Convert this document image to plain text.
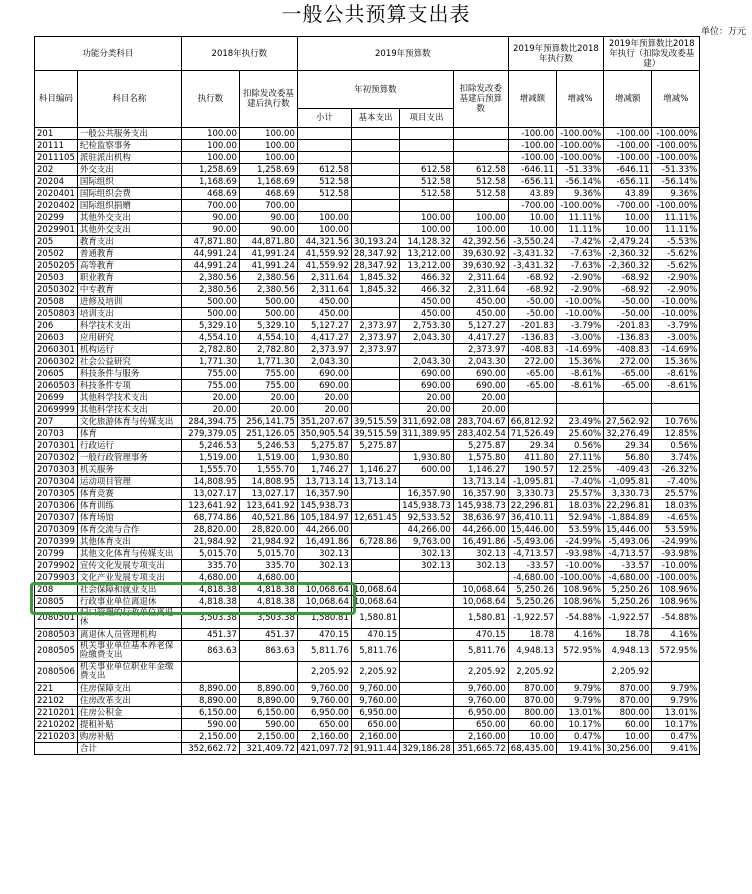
一般公共预算支出表
单位：万元
功能分类科目		2018年执行数		2019年预算数				2019年预算数比2018年执行数		2019年预算数比2018年执行（扣除发改委基建）	
科目编码	科目名称	执行数	扣除发改委基建后执行数	年初预算数			扣除发改委基建后预算数	增减额	增减%	增减额	增减%
				小计	基本支出	项目支出					
201	一般公共服务支出	100.00	100.00					-100.00	-100.00%	-100.00	-100.00%
20111	纪检监察事务	100.00	100.00					-100.00	-100.00%	-100.00	-100.00%
2011105	派驻派出机构	100.00	100.00					-100.00	-100.00%	-100.00	-100.00%
202	外交支出	1,258.69	1,258.69	612.58		612.58	612.58	-646.11	-51.33%	-646.11	-51.33%
20204	国际组织	1,168.69	1,168.69	512.58		512.58	512.58	-656.11	-56.14%	-656.11	-56.14%
2020401	国际组织会费	468.69	468.69	512.58		512.58	512.58	43.89	9.36%	43.89	9.36%
2020402	国际组织捐赠	700.00	700.00					-700.00	-100.00%	-700.00	-100.00%
20299	其他外交支出	90.00	90.00	100.00		100.00	100.00	10.00	11.11%	10.00	11.11%
2029901	其他外交支出	90.00	90.00	100.00		100.00	100.00	10.00	11.11%	10.00	11.11%
205	教育支出	47,871.80	44,871.80	44,321.56	30,193.24	14,128.32	42,392.56	-3,550.24	-7.42%	-2,479.24	-5.53%
20502	普通教育	44,991.24	41,991.24	41,559.92	28,347.92	13,212.00	39,630.92	-3,431.32	-7.63%	-2,360.32	-5.62%
2050205	高等教育	44,991.24	41,991.24	41,559.92	28,347.92	13,212.00	39,630.92	-3,431.32	-7.63%	-2,360.32	-5.62%
20503	职业教育	2,380.56	2,380.56	2,311.64	1,845.32	466.32	2,311.64	-68.92	-2.90%	-68.92	-2.90%
2050302	中专教育	2,380.56	2,380.56	2,311.64	1,845.32	466.32	2,311.64	-68.92	-2.90%	-68.92	-2.90%
20508	进修及培训	500.00	500.00	450.00		450.00	450.00	-50.00	-10.00%	-50.00	-10.00%
2050803	培训支出	500.00	500.00	450.00		450.00	450.00	-50.00	-10.00%	-50.00	-10.00%
206	科学技术支出	5,329.10	5,329.10	5,127.27	2,373.97	2,753.30	5,127.27	-201.83	-3.79%	-201.83	-3.79%
20603	应用研究	4,554.10	4,554.10	4,417.27	2,373.97	2,043.30	4,417.27	-136.83	-3.00%	-136.83	-3.00%
2060301	机构运行	2,782.80	2,782.80	2,373.97	2,373.97		2,373.97	-408.83	-14.69%	-408.83	-14.69%
2060302	社会公益研究	1,771.30	1,771.30	2,043.30		2,043.30	2,043.30	272.00	15.36%	272.00	15.36%
20605	科技条件与服务	755.00	755.00	690.00		690.00	690.00	-65.00	-8.61%	-65.00	-8.61%
2060503	科技条件专项	755.00	755.00	690.00		690.00	690.00	-65.00	-8.61%	-65.00	-8.61%
20699	其他科学技术支出	20.00	20.00	20.00		20.00	20.00				
2069999	其他科学技术支出	20.00	20.00	20.00		20.00	20.00				
207	文化旅游体育与传媒支出	284,394.75	256,141.75	351,207.67	39,515.59	311,692.08	283,704.67	66,812.92	23.49%	27,562.92	10.76%
20703	体育	279,379.05	251,126.05	350,905.54	39,515.59	311,389.95	283,402.54	71,526.49	25.60%	32,276.49	12.85%
2070301	行政运行	5,246.53	5,246.53	5,275.87	5,275.87		5,275.87	29.34	0.56%	29.34	0.56%
2070302	一般行政管理事务	1,519.00	1,519.00	1,930.80		1,930.80	1,575.80	411.80	27.11%	56.80	3.74%
2070303	机关服务	1,555.70	1,555.70	1,746.27	1,146.27	600.00	1,146.27	190.57	12.25%	-409.43	-26.32%
2070304	运动项目管理	14,808.95	14,808.95	13,713.14	13,713.14		13,713.14	-1,095.81	-7.40%	-1,095.81	-7.40%
2070305	体育竞赛	13,027.17	13,027.17	16,357.90		16,357.90	16,357.90	3,330.73	25.57%	3,330.73	25.57%
2070306	体育训练	123,641.92	123,641.92	145,938.73		145,938.73	145,938.73	22,296.81	18.03%	22,296.81	18.03%
2070307	体育场馆	68,774.86	40,521.86	105,184.97	12,651.45	92,533.52	38,636.97	36,410.11	52.94%	-1,884.89	-4.65%
2070309	体育交流与合作	28,820.00	28,820.00	44,266.00		44,266.00	44,266.00	15,446.00	53.59%	15,446.00	53.59%
2070399	其他体育支出	21,984.92	21,984.92	16,491.86	6,728.86	9,763.00	16,491.86	-5,493.06	-24.99%	-5,493.06	-24.99%
20799	其他文化体育与传媒支出	5,015.70	5,015.70	302.13		302.13	302.13	-4,713.57	-93.98%	-4,713.57	-93.98%
2079902	宣传文化发展专项支出	335.70	335.70	302.13		302.13	302.13	-33.57	-10.00%	-33.57	-10.00%
2079903	文化产业发展专项支出	4,680.00	4,680.00					-4,680.00	-100.00%	-4,680.00	-100.00%
208	社会保障和就业支出	4,818.38	4,818.38	10,068.64	10,068.64		10,068.64	5,250.26	108.96%	5,250.26	108.96%
20805	行政事业单位离退休	4,818.38	4,818.38	10,068.64	10,068.64		10,068.64	5,250.26	108.96%	5,250.26	108.96%
2080501	归口管理的行政单位离退休	3,503.38	3,503.38	1,580.81	1,580.81		1,580.81	-1,922.57	-54.88%	-1,922.57	-54.88%
2080503	离退休人员管理机构	451.37	451.37	470.15	470.15		470.15	18.78	4.16%	18.78	4.16%
2080505	机关事业单位基本养老保险缴费支出	863.63	863.63	5,811.76	5,811.76		5,811.76	4,948.13	572.95%	4,948.13	572.95%
2080506	机关事业单位职业年金缴费支出			2,205.92	2,205.92		2,205.92	2,205.92		2,205.92	
221	住房保障支出	8,890.00	8,890.00	9,760.00	9,760.00		9,760.00	870.00	9.79%	870.00	9.79%
22102	住房改革支出	8,890.00	8,890.00	9,760.00	9,760.00		9,760.00	870.00	9.79%	870.00	9.79%
2210201	住房公积金	6,150.00	6,150.00	6,950.00	6,950.00		6,950.00	800.00	13.01%	800.00	13.01%
2210202	提租补贴	590.00	590.00	650.00	650.00		650.00	60.00	10.17%	60.00	10.17%
2210203	购房补贴	2,150.00	2,150.00	2,160.00	2,160.00		2,160.00	10.00	0.47%	10.00	0.47%
	合计	352,662.72	321,409.72	421,097.72	91,911.44	329,186.28	351,665.72	68,435.00	19.41%	30,256.00	9.41%
